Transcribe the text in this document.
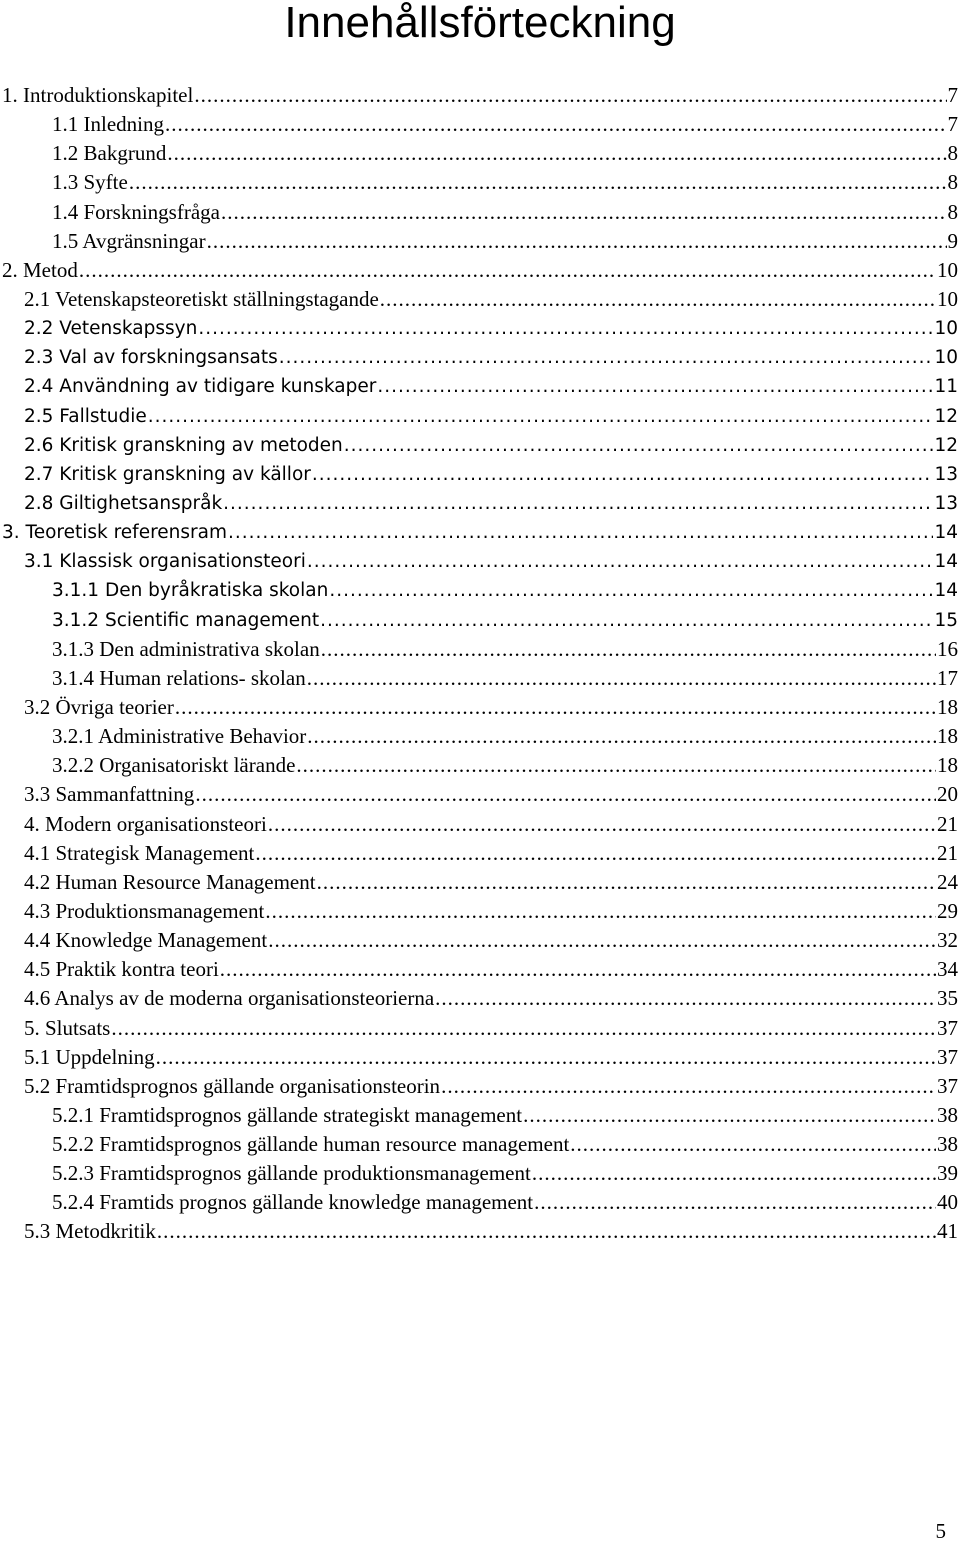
Innehållsförteckning
1. Introduktionskapitel .....	7
1.1 Inledning .....	7
1.2 Bakgrund .....	8
1.3 Syfte .....	8
1.4 Forskningsfråga .....	8
1.5 Avgränsningar .....	9
2. Metod .....	10
2.1 Vetenskapsteoretiskt ställningstagande .....	10
2.2 Vetenskapssyn .....	10
2.3 Val av forskningsansats .....	10
2.4 Användning av tidigare kunskaper .....	11
2.5 Fallstudie .....	12
2.6 Kritisk granskning av metoden .....	12
2.7 Kritisk granskning av källor .....	13
2.8 Giltighetsanspråk .....	13
3. Teoretisk referensram .....	14
3.1 Klassisk organisationsteori .....	14
3.1.1 Den byråkratiska skolan .....	14
3.1.2 Scientific management .....	15
3.1.3 Den administrativa skolan .....	16
3.1.4 Human relations- skolan .....	17
3.2 Övriga teorier .....	18
3.2.1 Administrative Behavior .....	18
3.2.2 Organisatoriskt lärande .....	18
3.3 Sammanfattning .....	20
4. Modern organisationsteori .....	21
4.1 Strategisk Management .....	21
4.2 Human Resource Management .....	24
4.3 Produktionsmanagement .....	29
4.4 Knowledge Management .....	32
4.5 Praktik kontra teori .....	34
4.6 Analys av de moderna organisationsteorierna .....	35
5. Slutsats .....	37
5.1 Uppdelning .....	37
5.2 Framtidsprognos gällande organisationsteorin .....	37
5.2.1 Framtidsprognos gällande strategiskt management .....	38
5.2.2 Framtidsprognos gällande human resource management .....	38
5.2.3 Framtidsprognos gällande produktionsmanagement .....	39
5.2.4 Framtids prognos gällande knowledge management .....	40
5.3 Metodkritik .....	41
5
